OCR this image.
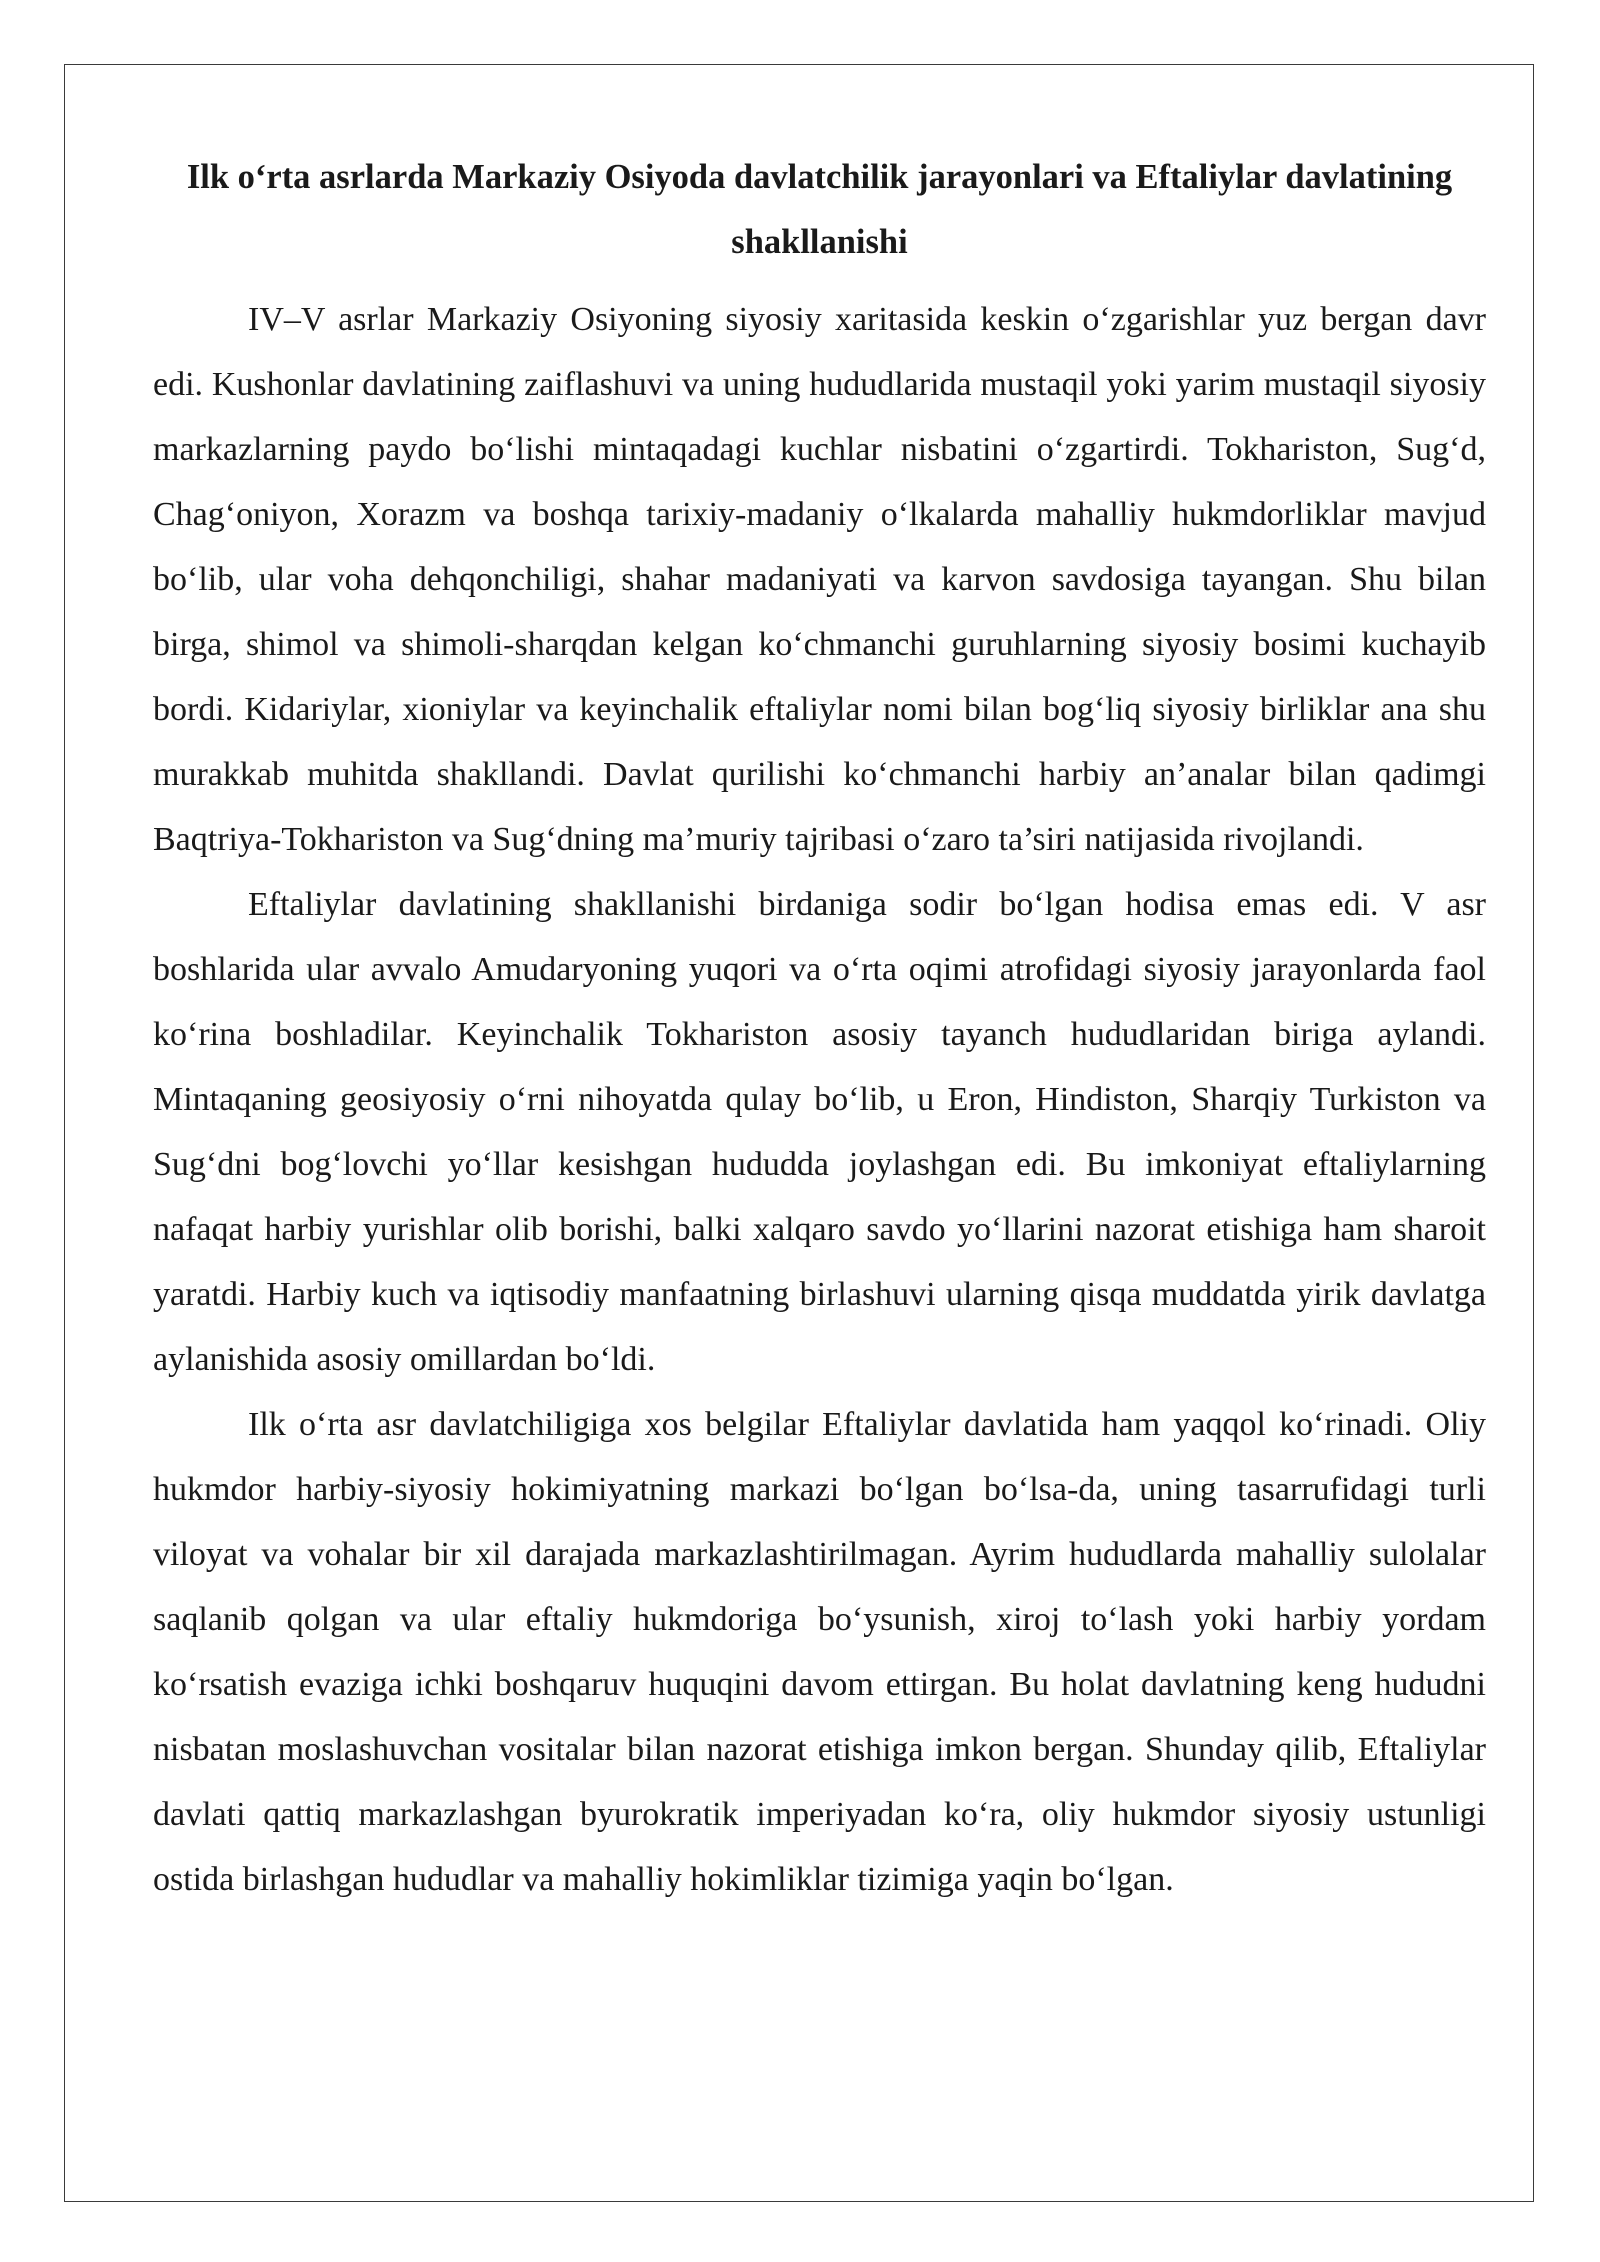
Ilk o‘rta asrlarda Markaziy Osiyoda davlatchilik jarayonlari va Eftaliylar davlatining shakllanishi

IV–V asrlar Markaziy Osiyoning siyosiy xaritasida keskin o‘zgarishlar yuz bergan davr edi. Kushonlar davlatining zaiflashuvi va uning hududlarida mustaqil yoki yarim mustaqil siyosiy markazlarning paydo bo‘lishi mintaqadagi kuchlar nisbatini o‘zgartirdi. Tokhariston, Sug‘d, Chag‘oniyon, Xorazm va boshqa tarixiy-madaniy o‘lkalarda mahalliy hukmdorliklar mavjud bo‘lib, ular voha dehqonchiligi, shahar madaniyati va karvon savdosiga tayangan. Shu bilan birga, shimol va shimoli-sharqdan kelgan ko‘chmanchi guruhlarning siyosiy bosimi kuchayib bordi. Kidariylar, xioniylar va keyinchalik eftaliylar nomi bilan bog‘liq siyosiy birliklar ana shu murakkab muhitda shakllandi. Davlat qurilishi ko‘chmanchi harbiy an’analar bilan qadimgi Baqtriya-Tokhariston va Sug‘dning ma’muriy tajribasi o‘zaro ta’siri natijasida rivojlandi.

Eftaliylar davlatining shakllanishi birdaniga sodir bo‘lgan hodisa emas edi. V asr boshlarida ular avvalo Amudaryoning yuqori va o‘rta oqimi atrofidagi siyosiy jarayonlarda faol ko‘rina boshladilar. Keyinchalik Tokhariston asosiy tayanch hududlaridan biriga aylandi. Mintaqaning geosiyosiy o‘rni nihoyatda qulay bo‘lib, u Eron, Hindiston, Sharqiy Turkiston va Sug‘dni bog‘lovchi yo‘llar kesishgan hududda joylashgan edi. Bu imkoniyat eftaliylarning nafaqat harbiy yurishlar olib borishi, balki xalqaro savdo yo‘llarini nazorat etishiga ham sharoit yaratdi. Harbiy kuch va iqtisodiy manfaatning birlashuvi ularning qisqa muddatda yirik davlatga aylanishida asosiy omillardan bo‘ldi.

Ilk o‘rta asr davlatchiligiga xos belgilar Eftaliylar davlatida ham yaqqol ko‘rinadi. Oliy hukmdor harbiy-siyosiy hokimiyatning markazi bo‘lgan bo‘lsa-da, uning tasarrufidagi turli viloyat va vohalar bir xil darajada markazlashtirilmagan. Ayrim hududlarda mahalliy sulolalar saqlanib qolgan va ular eftaliy hukmdoriga bo‘ysunish, xiroj to‘lash yoki harbiy yordam ko‘rsatish evaziga ichki boshqaruv huquqini davom ettirgan. Bu holat davlatning keng hududni nisbatan moslashuvchan vositalar bilan nazorat etishiga imkon bergan. Shunday qilib, Eftaliylar davlati qattiq markazlashgan byurokratik imperiyadan ko‘ra, oliy hukmdor siyosiy ustunligi ostida birlashgan hududlar va mahalliy hokimliklar tizimiga yaqin bo‘lgan.
